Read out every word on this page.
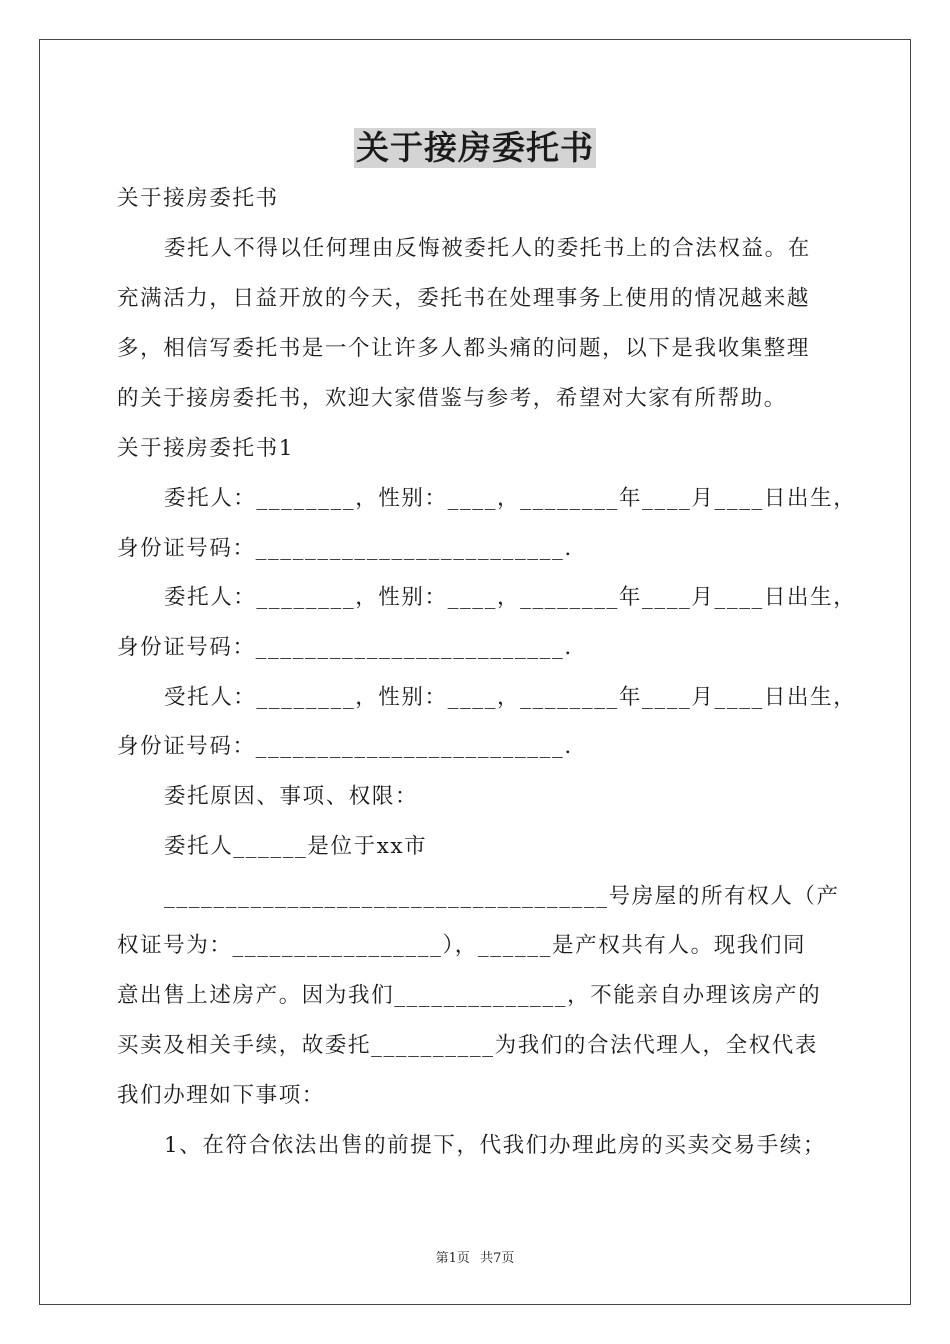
关于接房委托书
关于接房委托书
委托人不得以任何理由反悔被委托人的委托书上的合法权益。在
充满活力，日益开放的今天，委托书在处理事务上使用的情况越来越
多，相信写委托书是一个让许多人都头痛的问题，以下是我收集整理
的关于接房委托书，欢迎大家借鉴与参考，希望对大家有所帮助。
关于接房委托书1
委托人：________，性别：____，________年____月____日出生，
身份证号码：_________________________.
委托人：________，性别：____，________年____月____日出生，
身份证号码：_________________________.
受托人：________，性别：____，________年____月____日出生，
身份证号码：_________________________.
委托原因、事项、权限：
委托人______是位于xx市
____________________________________号房屋的所有权人（产
权证号为：_________________），______是产权共有人。现我们同
意出售上述房产。因为我们______________，不能亲自办理该房产的
买卖及相关手续，故委托__________为我们的合法代理人，全权代表
我们办理如下事项：
1、在符合依法出售的前提下，代我们办理此房的买卖交易手续；
第1页 共7页
